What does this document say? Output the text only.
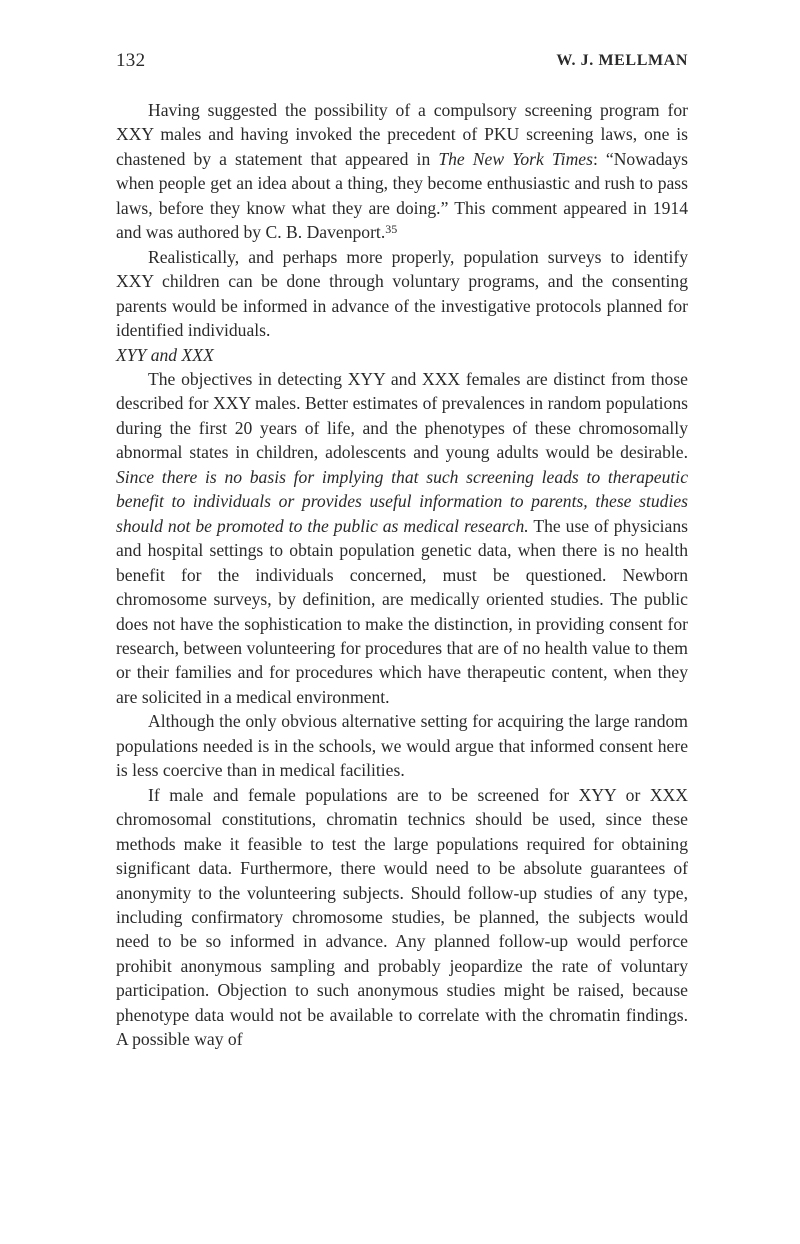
132	W. J. MELLMAN

Having suggested the possibility of a compulsory screening program for XXY males and having invoked the precedent of PKU screening laws, one is chastened by a statement that appeared in The New York Times: “Nowadays when people get an idea about a thing, they become enthusiastic and rush to pass laws, before they know what they are doing.” This comment appeared in 1914 and was authored by C. B. Davenport.$^{35}$

Realistically, and perhaps more properly, population surveys to identify XXY children can be done through voluntary programs, and the consenting parents would be informed in advance of the investigative protocols planned for identified individuals.

XYY and XXX

The objectives in detecting XYY and XXX females are distinct from those described for XXY males. Better estimates of prevalences in random populations during the first 20 years of life, and the phenotypes of these chromosomally abnormal states in children, adolescents and young adults would be desirable. Since there is no basis for implying that such screening leads to therapeutic benefit to individuals or provides useful information to parents, these studies should not be promoted to the public as medical research. The use of physicians and hospital settings to obtain population genetic data, when there is no health benefit for the individuals concerned, must be questioned. Newborn chromosome surveys, by definition, are medically oriented studies. The public does not have the sophistication to make the distinction, in providing consent for research, between volunteering for procedures that are of no health value to them or their families and for procedures which have therapeutic content, when they are solicited in a medical environment.

Although the only obvious alternative setting for acquiring the large random populations needed is in the schools, we would argue that informed consent here is less coercive than in medical facilities.

If male and female populations are to be screened for XYY or XXX chromosomal constitutions, chromatin technics should be used, since these methods make it feasible to test the large populations required for obtaining significant data. Furthermore, there would need to be absolute guarantees of anonymity to the volunteering subjects. Should follow-up studies of any type, including confirmatory chromosome studies, be planned, the subjects would need to be so informed in advance. Any planned follow-up would perforce prohibit anonymous sampling and probably jeopardize the rate of voluntary participation. Objection to such anonymous studies might be raised, because phenotype data would not be available to correlate with the chromatin findings. A possible way of
